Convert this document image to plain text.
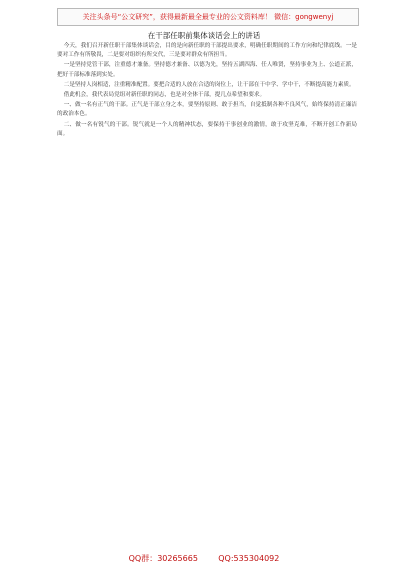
关注头条号“公文研究”，获得最新最全最专业的公文资料库！ 微信：gongwenyj
在干部任职前集体谈话会上的讲话

今天，我们召开新任职干部集体谈话会，目的是向新任职的干部提出要求，明确任职期间的工作方向和纪律底线。一是要对工作有所敬畏，二是要对组织有所交代，三是要对群众有所担当。

一是坚持党管干部，注重德才兼备。坚持德才兼备、以德为先，坚持五湖四海、任人唯贤，坚持事业为上、公道正派，把好干部标准落到实处。

二是坚持人岗相适，注重精准配置。要把合适的人放在合适的岗位上，让干部在干中学、学中干，不断提高能力素质。

借此机会，我代表局党组对新任职的同志，也是对全体干部，提几点希望和要求。

一、做一名有正气的干部。正气是干部立身之本，要坚持原则、敢于担当，自觉抵制各种不良风气，始终保持清正廉洁的政治本色。

二、做一名有锐气的干部。锐气就是一个人的精神状态，要保持干事创业的激情，敢于攻坚克难，不断开创工作新局面。

QQ群：30265665        QQ:535304092
